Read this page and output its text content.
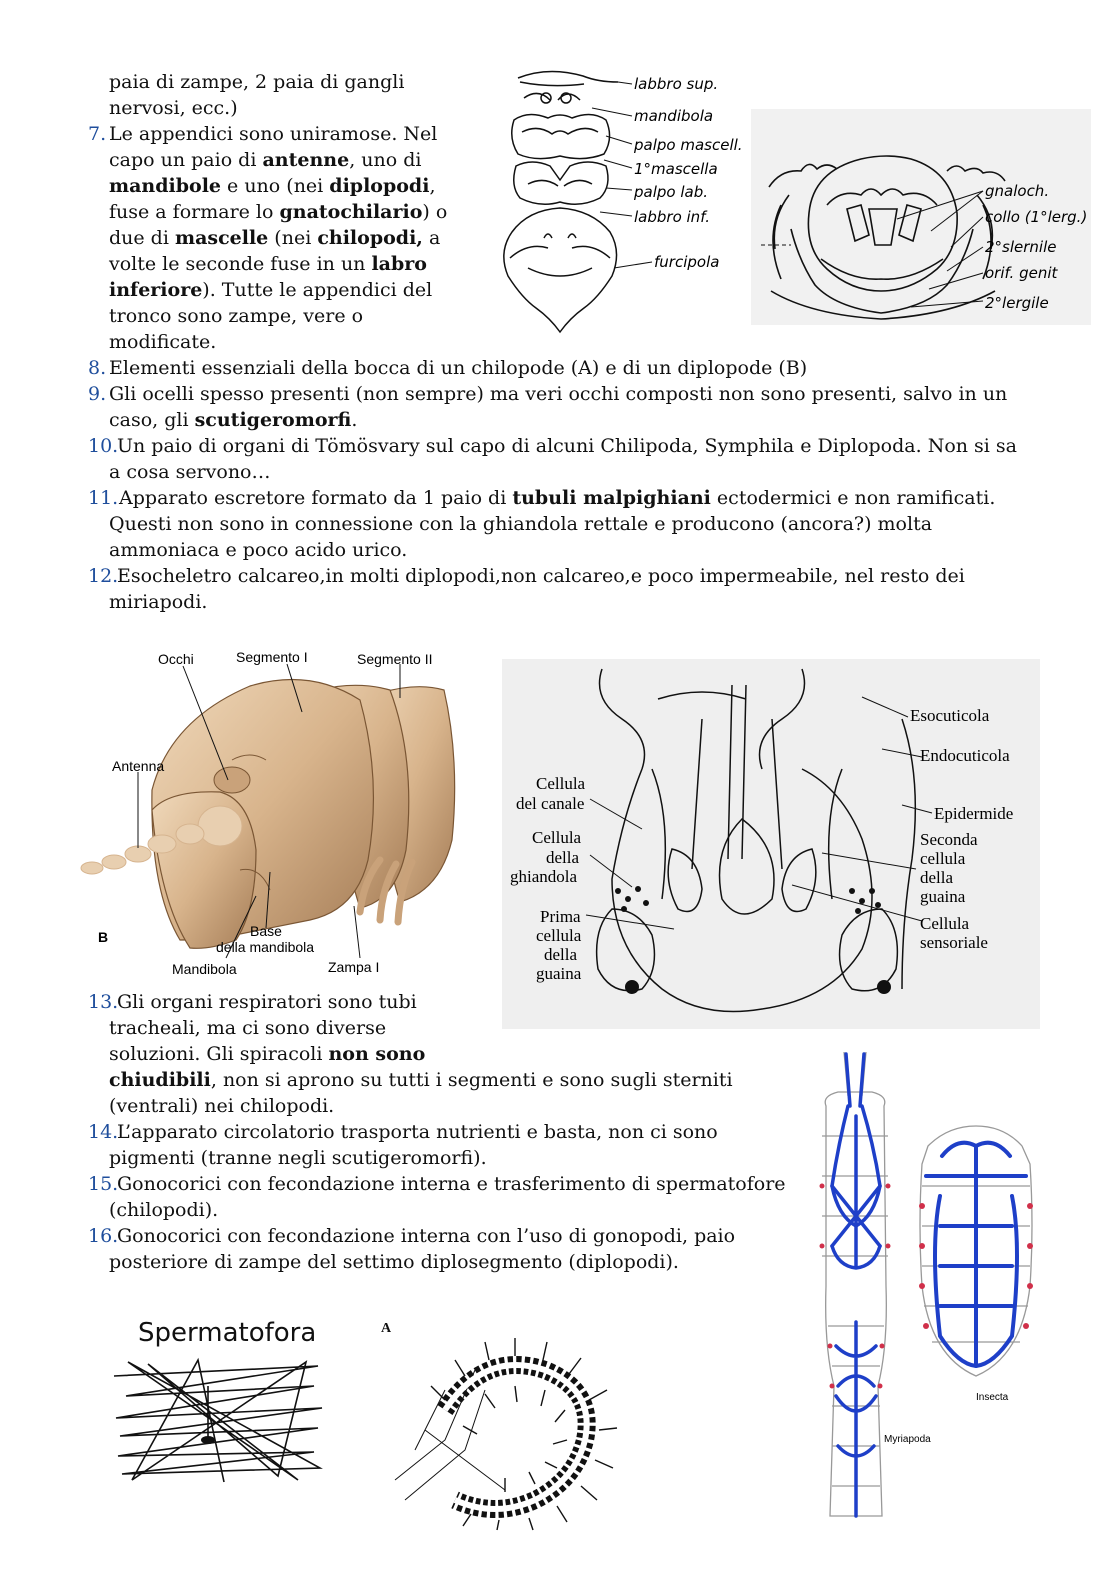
paia di zampe, 2 paia di gangli
nervosi, ecc.)
7. Le appendici sono uniramose. Nel
capo un paio di antenne, uno di
mandibole e uno (nei diplopodi,
fuse a formare lo gnatochilario) o
due di mascelle (nei chilopodi, a
volte le seconde fuse in un labro
inferiore). Tutte le appendici del
tronco sono zampe, vere o
modificate.
8. Elementi essenziali della bocca di un chilopode (A) e di un diplopode (B)
9. Gli ocelli spesso presenti (non sempre) ma veri occhi composti non sono presenti, salvo in un
caso, gli scutigeromorfi.
10.
Un paio di organi di Tömösvary sul capo di alcuni Chilipoda, Symphila e Diplopoda. Non si sa
a cosa servono…
11.
Apparato escretore formato da 1 paio di tubuli malpighiani ectodermici e non ramificati.
Questi non sono in connessione con la ghiandola rettale e producono (ancora?) molta
ammoniaca e poco acido urico.
12.
Esocheletro calcareo,in molti diplopodi,non calcareo,e poco impermeabile, nel resto dei
miriapodi.
labbro sup.
mandibola
palpo mascell.
1°mascella
palpo lab.
labbro inf.
furcipola
gnaloch.
collo (1°lerg.)
2°slernile
orif. genit
2°lergile
Occhi	Segmento I	Segmento II
Antenna
B	Base
della mandibola
Mandibola	Zampa I
Esocuticola
Endocuticola
Cellula
del canale
Epidermide
Cellula
della
ghiandola
Seconda
cellula
della
guaina
Prima
cellula
della
guaina
Cellula
sensoriale
13.
Gli organi respiratori sono tubi
tracheali, ma ci sono diverse
soluzioni. Gli spiracoli non sono
chiudibili, non si aprono su tutti i segmenti e sono sugli sterniti
(ventrali) nei chilopodi.
14.
L’apparato circolatorio trasporta nutrienti e basta, non ci sono
pigmenti (tranne negli scutigeromorfi).
15.
Gonocorici con fecondazione interna e trasferimento di spermatofore
(chilopodi).
16.
Gonocorici con fecondazione interna con l’uso di gonopodi, paio
posteriore di zampe del settimo diplosegmento (diplopodi).
Insecta
Myriapoda
Spermatofora	A
